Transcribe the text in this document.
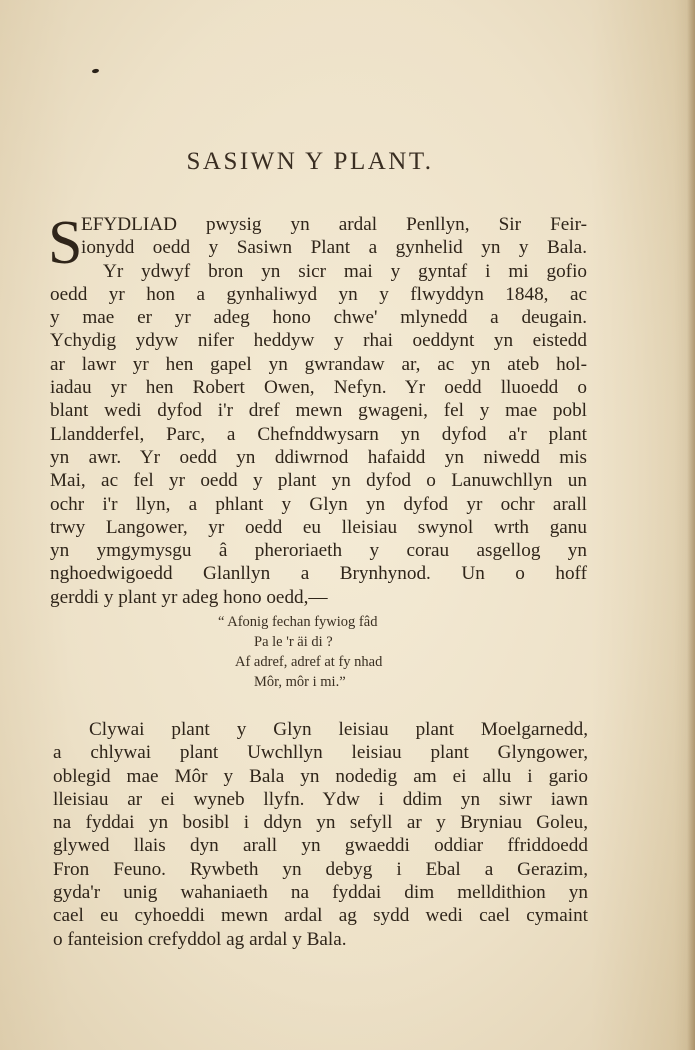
SASIWN Y PLANT.
S
EFYDLIAD pwysig yn ardal Penllyn, Sir Feir-
ionydd oedd y Sasiwn Plant a gynhelid yn y Bala.
Yr ydwyf bron yn sicr mai y gyntaf i mi gofio
oedd yr hon a gynhaliwyd yn y flwyddyn 1848, ac
y mae er yr adeg hono chwe' mlynedd a deugain.
Ychydig ydyw nifer heddyw y rhai oeddynt yn eistedd
ar lawr yr hen gapel yn gwrandaw ar, ac yn ateb hol-
iadau yr hen Robert Owen, Nefyn. Yr oedd lluoedd o
blant wedi dyfod i'r dref mewn gwageni, fel y mae pobl
Llandderfel, Parc, a Chefnddwysarn yn dyfod a'r plant
yn awr. Yr oedd yn ddiwrnod hafaidd yn niwedd mis
Mai, ac fel yr oedd y plant yn dyfod o Lanuwchllyn un
ochr i'r llyn, a phlant y Glyn yn dyfod yr ochr arall
trwy Langower, yr oedd eu lleisiau swynol wrth ganu
yn ymgymysgu â pheroriaeth y corau asgellog yn
nghoedwigoedd Glanllyn a Brynhynod. Un o hoff
gerddi y plant yr adeg hono oedd,—
“ Afonig fechan fywiog fâd
Pa le 'r äi di ?
Af adref, adref at fy nhad
Môr, môr i mi.”
Clywai plant y Glyn leisiau plant Moelgarnedd,
a chlywai plant Uwchllyn leisiau plant Glyngower,
oblegid mae Môr y Bala yn nodedig am ei allu i gario
lleisiau ar ei wyneb llyfn. Ydw i ddim yn siwr iawn
na fyddai yn bosibl i ddyn yn sefyll ar y Bryniau Goleu,
glywed llais dyn arall yn gwaeddi oddiar ffriddoedd
Fron Feuno. Rywbeth yn debyg i Ebal a Gerazim,
gyda'r unig wahaniaeth na fyddai dim melldithion yn
cael eu cyhoeddi mewn ardal ag sydd wedi cael cymaint
o fanteision crefyddol ag ardal y Bala.
